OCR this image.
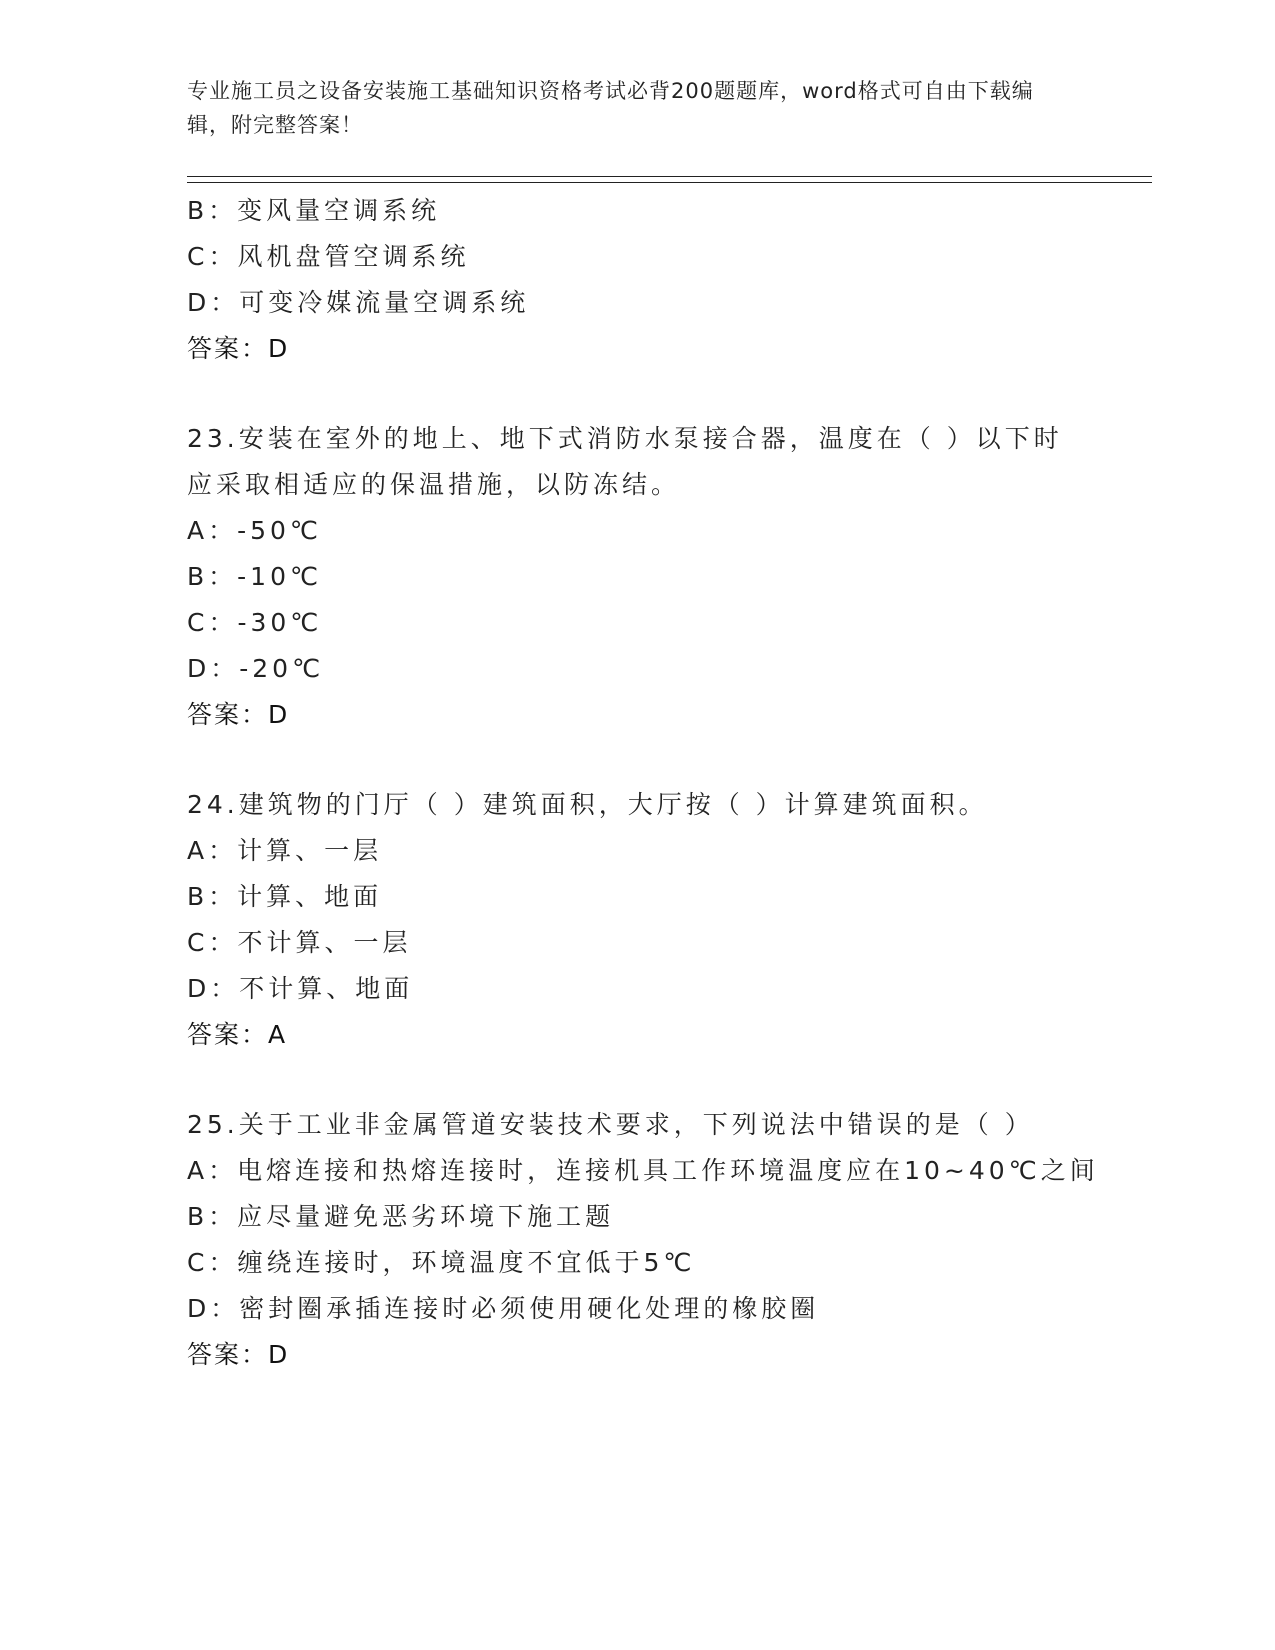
专业施工员之设备安装施工基础知识资格考试必背200题题库，word格式可自由下载编辑，附完整答案！
B：变风量空调系统
C：风机盘管空调系统
D：可变冷媒流量空调系统
答案：D
23.安装在室外的地上、地下式消防水泵接合器，温度在（ ）以下时应采取相适应的保温措施，以防冻结。
A：-50℃
B：-10℃
C：-30℃
D：-20℃
答案：D
24.建筑物的门厅（ ）建筑面积，大厅按（ ）计算建筑面积。
A：计算、一层
B：计算、地面
C：不计算、一层
D：不计算、地面
答案：A
25.关于工业非金属管道安装技术要求，下列说法中错误的是（ ）
A：电熔连接和热熔连接时，连接机具工作环境温度应在10~40℃之间
B：应尽量避免恶劣环境下施工题
C：缠绕连接时，环境温度不宜低于5℃
D：密封圈承插连接时必须使用硬化处理的橡胶圈
答案：D
